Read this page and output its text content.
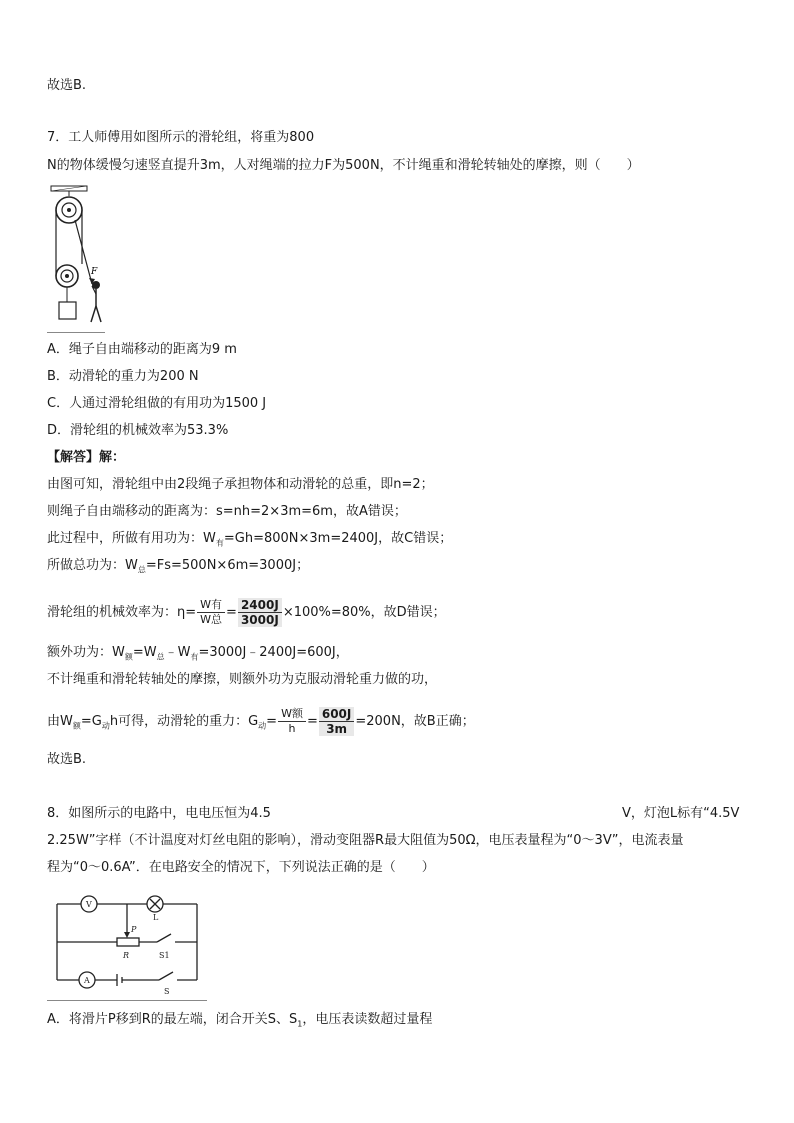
故选B.
7．工人师傅用如图所示的滑轮组，将重为800
N的物体缓慢匀速竖直提升3m，人对绳端的拉力F为500N，不计绳重和滑轮转轴处的摩擦，则（　　）
F
A．绳子自由端移动的距离为9 m
B．动滑轮的重力为200 N
C．人通过滑轮组做的有用功为1500 J
D．滑轮组的机械效率为53.3%
【解答】解：
由图可知，滑轮组中由2段绳子承担物体和动滑轮的总重，即n=2；
则绳子自由端移动的距离为：s=nh=2×3m=6m，故A错误；
此过程中，所做有用功为：$W_有=Gh=800N\times 3m=2400J$，故C错误；
所做总功为：$W_总=Fs=500N\times 6m=3000J$；
滑轮组的机械效率为：$\eta= \frac{\text{W有}}{\text{W总}} = \frac{2400J}{3000J} \times 100\%=80\%$，故D错误；
额外功为：$W_额=W_总﹣W_有=3000J﹣2400J=600J$，
不计绳重和滑轮转轴处的摩擦，则额外功为克服动滑轮重力做的功，
由$W_额=G_动h$可得，动滑轮的重力：$G_动= \frac{\text{W额}}{h} = \frac{600J}{3m} =200N$，故B正确；
故选B.
8．如图所示的电路中，电电压恒为4.5	V，灯泡L标有“4.5V
2.25W”字样（不计温度对灯丝电阻的影响），滑动变阻器R最大阻值为50Ω，电压表量程为“0～3V”，电流表量
程为“0～0.6A”．在电路安全的情况下，下列说法正确的是（　　）
V
L
P
R	S1
A
S
A．将滑片P移到R的最左端，闭合开关S、$S_1$，电压表读数超过量程
